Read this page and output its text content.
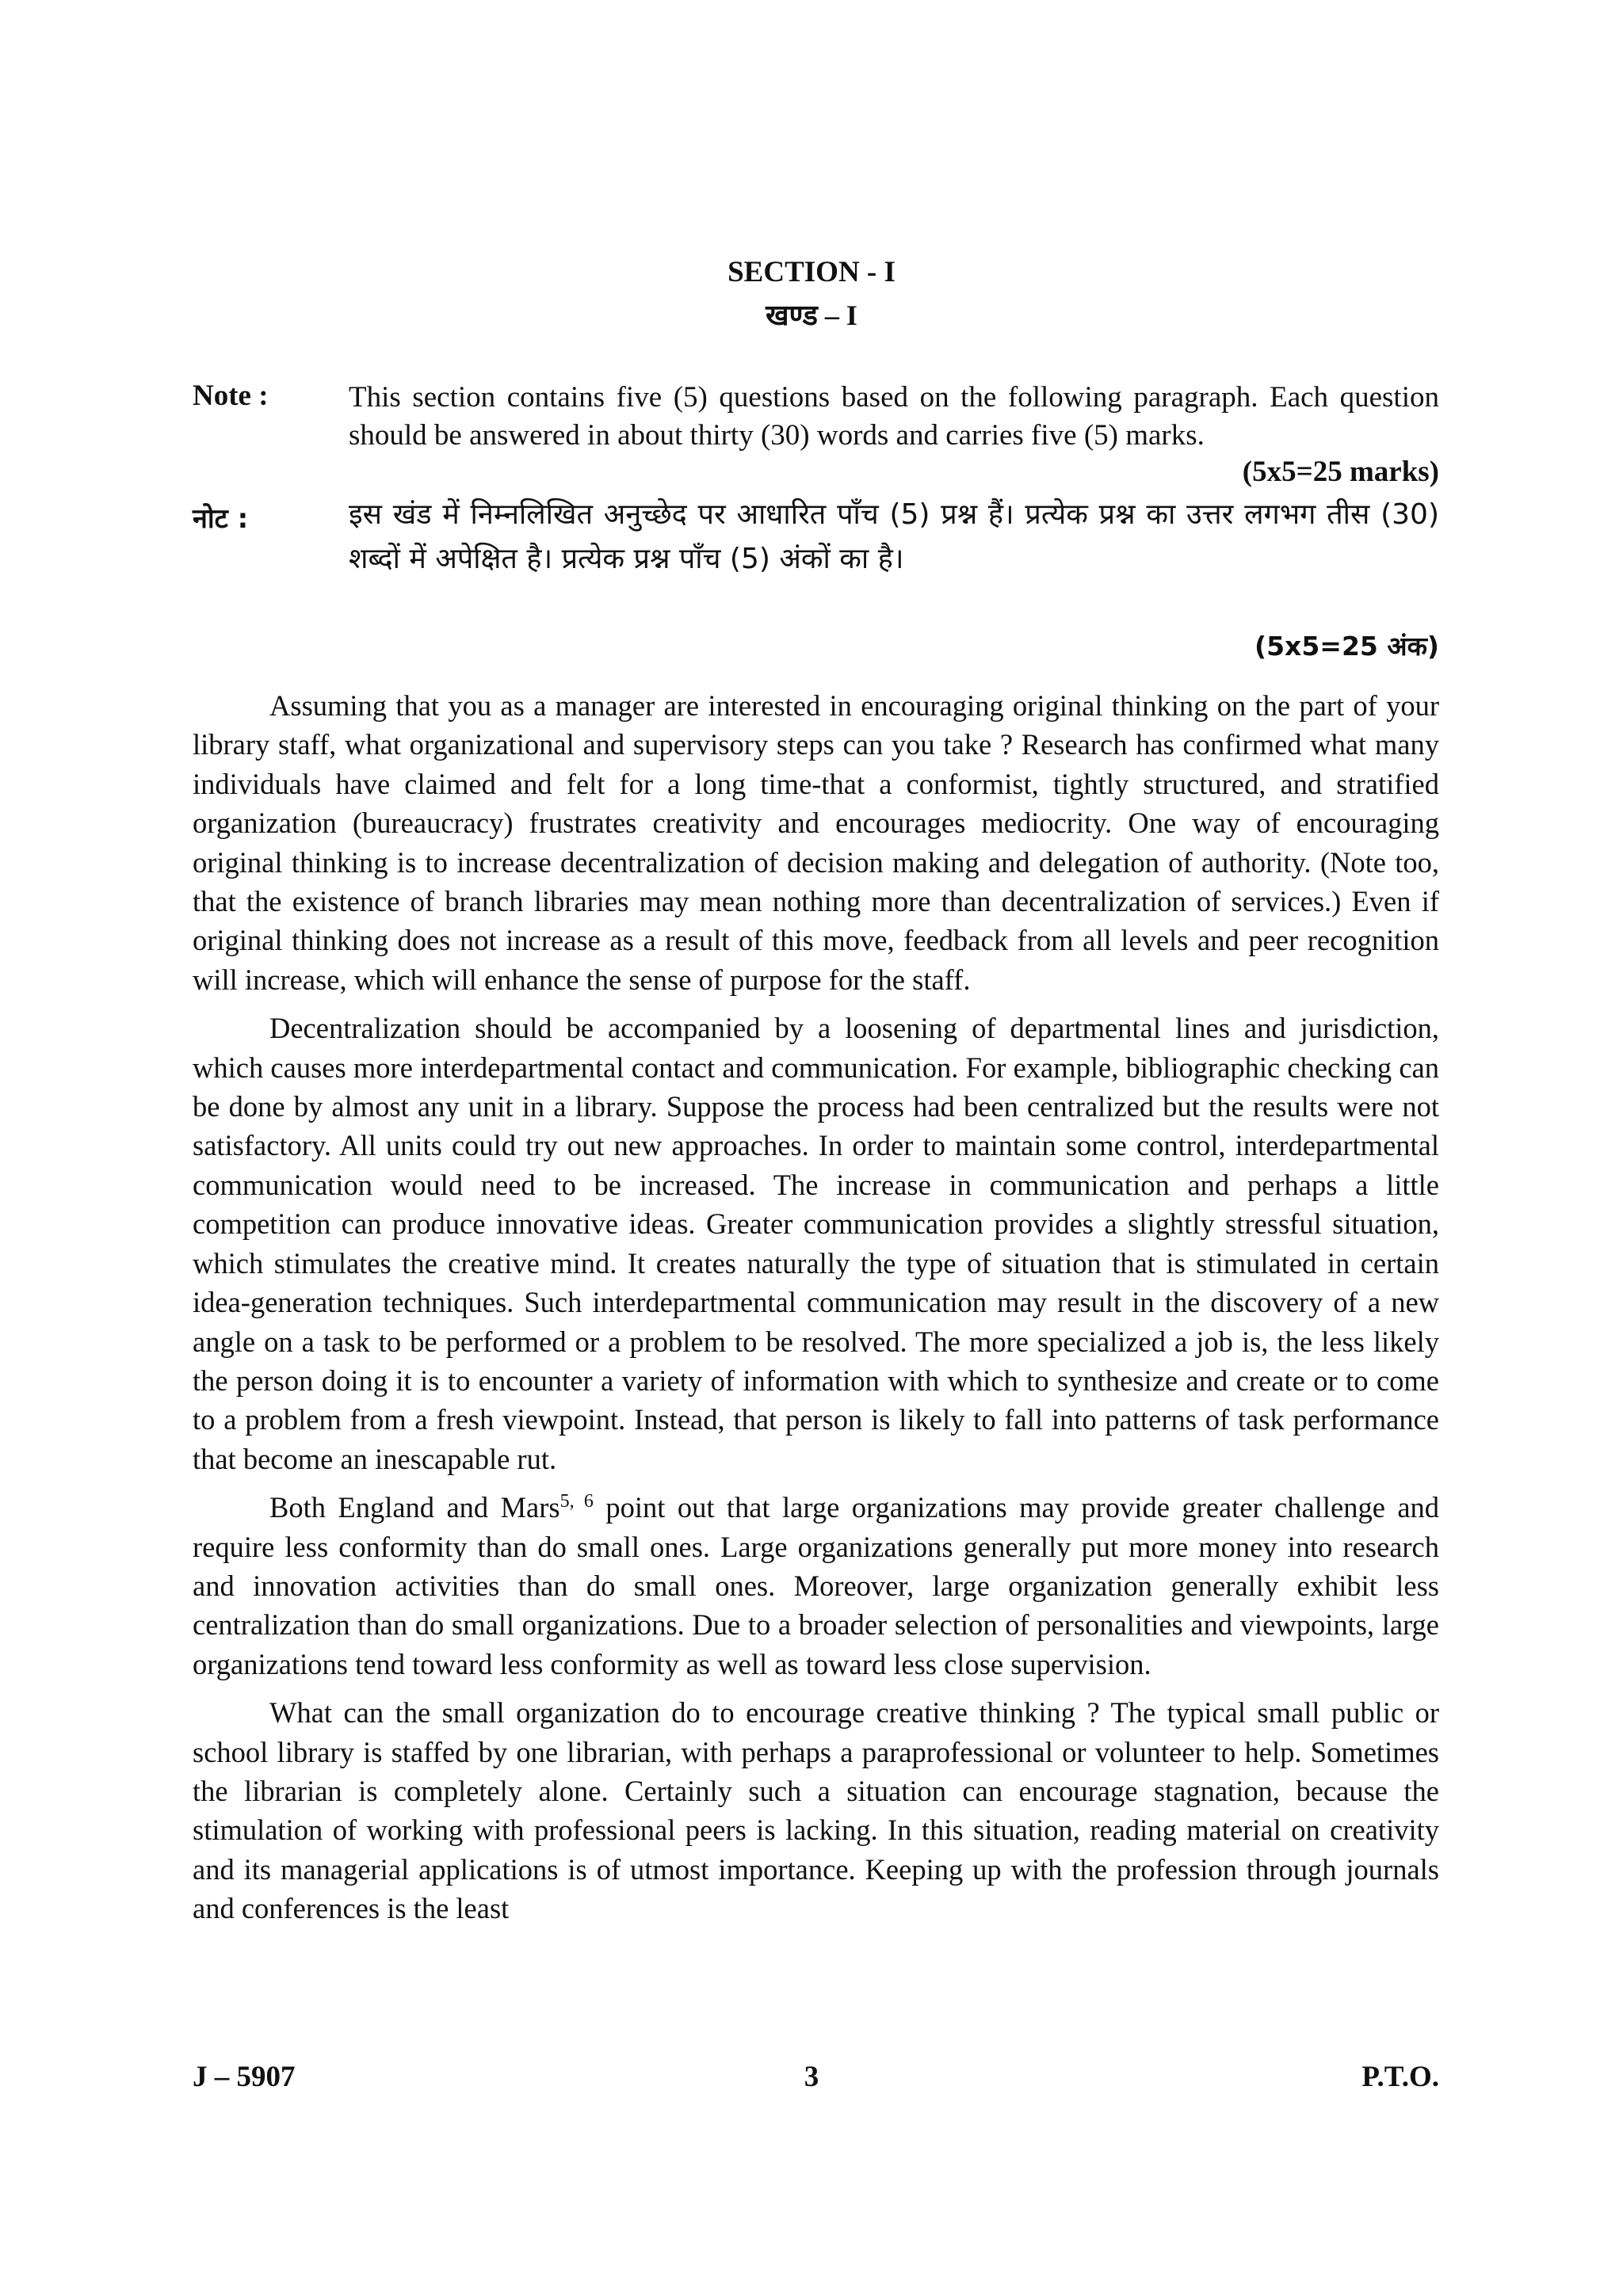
SECTION - I
खण्ड – I
Note :	This section contains five (5) questions based on the following paragraph. Each question should be answered in about thirty (30) words and carries five (5) marks.
(5x5=25 marks)
नोट :	इस खंड में निम्नलिखित अनुच्छेद पर आधारित पाँच (5) प्रश्न हैं। प्रत्येक प्रश्न का उत्तर लगभग तीस (30) शब्दों में अपेक्षित है। प्रत्येक प्रश्न पाँच (5) अंकों का है।
(5x5=25 अंक)

Assuming that you as a manager are interested in encouraging original thinking on the part of your library staff, what organizational and supervisory steps can you take ? Research has confirmed what many individuals have claimed and felt for a long time-that a conformist, tightly structured, and stratified organization (bureaucracy) frustrates creativity and encourages mediocrity. One way of encouraging original thinking is to increase decentralization of decision making and delegation of authority. (Note too, that the existence of branch libraries may mean nothing more than decentralization of services.) Even if original thinking does not increase as a result of this move, feedback from all levels and peer recognition will increase, which will enhance the sense of purpose for the staff.

Decentralization should be accompanied by a loosening of departmental lines and jurisdiction, which causes more interdepartmental contact and communication. For example, bibliographic checking can be done by almost any unit in a library. Suppose the process had been centralized but the results were not satisfactory. All units could try out new approaches. In order to maintain some control, interdepartmental communication would need to be increased. The increase in communication and perhaps a little competition can produce innovative ideas. Greater communication provides a slightly stressful situation, which stimulates the creative mind. It creates naturally the type of situation that is stimulated in certain idea-generation techniques. Such interdepartmental communication may result in the discovery of a new angle on a task to be performed or a problem to be resolved. The more specialized a job is, the less likely the person doing it is to encounter a variety of information with which to synthesize and create or to come to a problem from a fresh viewpoint. Instead, that person is likely to fall into patterns of task performance that become an inescapable rut.

Both England and Mars$^{5, 6}$ point out that large organizations may provide greater challenge and require less conformity than do small ones. Large organizations generally put more money into research and innovation activities than do small ones. Moreover, large organization generally exhibit less centralization than do small organizations. Due to a broader selection of personalities and viewpoints, large organizations tend toward less conformity as well as toward less close supervision.

What can the small organization do to encourage creative thinking ? The typical small public or school library is staffed by one librarian, with perhaps a paraprofessional or volunteer to help. Sometimes the librarian is completely alone. Certainly such a situation can encourage stagnation, because the stimulation of working with professional peers is lacking. In this situation, reading material on creativity and its managerial applications is of utmost importance. Keeping up with the profession through journals and conferences is the least

J – 5907	3	P.T.O.
